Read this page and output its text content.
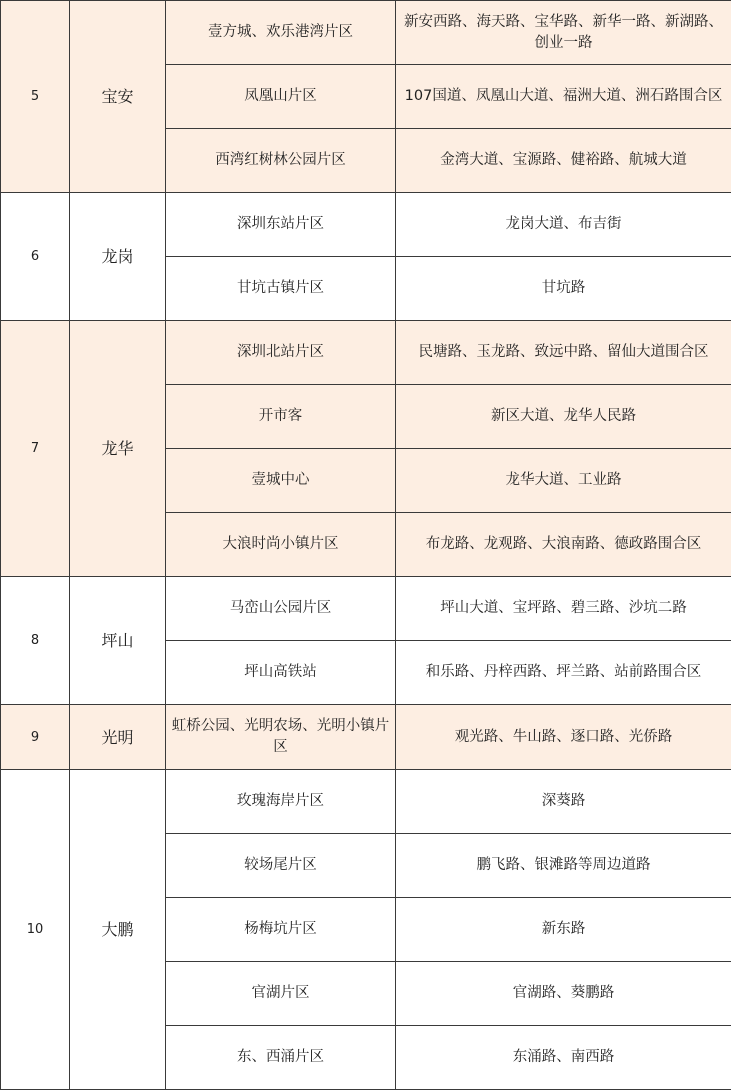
5	宝安	壹方城、欢乐港湾片区	新安西路、海天路、宝华路、新华一路、新湖路、创业一路
		凤凰山片区	107国道、凤凰山大道、福洲大道、洲石路围合区
		西湾红树林公园片区	金湾大道、宝源路、健裕路、航城大道
6	龙岗	深圳东站片区	龙岗大道、布吉街
		甘坑古镇片区	甘坑路
7	龙华	深圳北站片区	民塘路、玉龙路、致远中路、留仙大道围合区
		开市客	新区大道、龙华人民路
		壹城中心	龙华大道、工业路
		大浪时尚小镇片区	布龙路、龙观路、大浪南路、德政路围合区
8	坪山	马峦山公园片区	坪山大道、宝坪路、碧三路、沙坑二路
		坪山高铁站	和乐路、丹梓西路、坪兰路、站前路围合区
9	光明	虹桥公园、光明农场、光明小镇片区	观光路、牛山路、逐口路、光侨路
10	大鹏	玫瑰海岸片区	深葵路
		较场尾片区	鹏飞路、银滩路等周边道路
		杨梅坑片区	新东路
		官湖片区	官湖路、葵鹏路
		东、西涌片区	东涌路、南西路
